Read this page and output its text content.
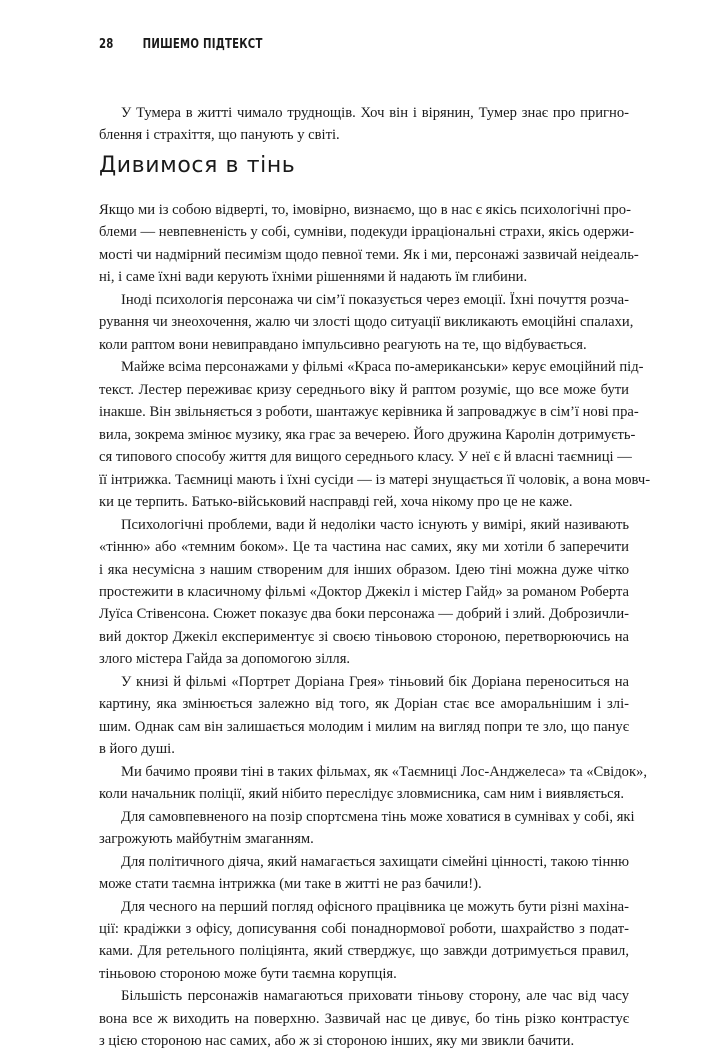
28 ПИШЕМО ПІДТЕКСТ
У Тумера в житті чимало труднощів. Хоч він і вірянин, Тумер знає про пригно-
блення і страхіття, що панують у світі.
Дивимося в тінь
Якщо ми із собою відверті, то, імовірно, визнаємо, що в нас є якісь психологічні про-
блеми — невпевненість у собі, сумніви, подекуди ірраціональні страхи, якісь одержи-
мості чи надмірний песимізм щодо певної теми. Як і ми, персонажі зазвичай неідеаль-
ні, і саме їхні вади керують їхніми рішеннями й надають їм глибини.
Іноді психологія персонажа чи сім’ї показується через емоції. Їхні почуття розча-
рування чи знеохочення, жалю чи злості щодо ситуації викликають емоційні спалахи,
коли раптом вони невиправдано імпульсивно реагують на те, що відбувається.
Майже всіма персонажами у фільмі «Краса по-американськи» керує емоційний під-
текст. Лестер переживає кризу середнього віку й раптом розуміє, що все може бути
інакше. Він звільняється з роботи, шантажує керівника й запроваджує в сім’ї нові пра-
вила, зокрема змінює музику, яка грає за вечерею. Його дружина Каролін дотримуєть-
ся типового способу життя для вищого середнього класу. У неї є й власні таємниці —
її інтрижка. Таємниці мають і їхні сусіди — із матері знущається її чоловік, а вона мовч-
ки це терпить. Батько-військовий насправді гей, хоча нікому про це не каже.
Психологічні проблеми, вади й недоліки часто існують у вимірі, який називають
«тінню» або «темним боком». Це та частина нас самих, яку ми хотіли б заперечити
і яка несумісна з нашим створеним для інших образом. Ідею тіні можна дуже чітко
простежити в класичному фільмі «Доктор Джекіл і містер Гайд» за романом Роберта
Луїса Стівенсона. Сюжет показує два боки персонажа — добрий і злий. Доброзичли-
вий доктор Джекіл експериментує зі своєю тіньовою стороною, перетворюючись на
злого містера Гайда за допомогою зілля.
У книзі й фільмі «Портрет Доріана Грея» тіньовий бік Доріана переноситься на
картину, яка змінюється залежно від того, як Доріан стає все аморальнішим і злі-
шим. Однак сам він залишається молодим і милим на вигляд попри те зло, що панує
в його душі.
Ми бачимо прояви тіні в таких фільмах, як «Таємниці Лос-Анджелеса» та «Свідок»,
коли начальник поліції, який нібито переслідує зловмисника, сам ним і виявляється.
Для самовпевненого на позір спортсмена тінь може ховатися в сумнівах у собі, які
загрожують майбутнім змаганням.
Для політичного діяча, який намагається захищати сімейні цінності, такою тінню
може стати таємна інтрижка (ми таке в житті не раз бачили!).
Для чесного на перший погляд офісного працівника це можуть бути різні махіна-
ції: крадіжки з офісу, дописування собі понаднормової роботи, шахрайство з подат-
ками. Для ретельного поліціянта, який стверджує, що завжди дотримується правил,
тіньовою стороною може бути таємна корупція.
Більшість персонажів намагаються приховати тіньову сторону, але час від часу
вона все ж виходить на поверхню. Зазвичай нас це дивує, бо тінь різко контрастує
з цією стороною нас самих, або ж зі стороною інших, яку ми звикли бачити.
